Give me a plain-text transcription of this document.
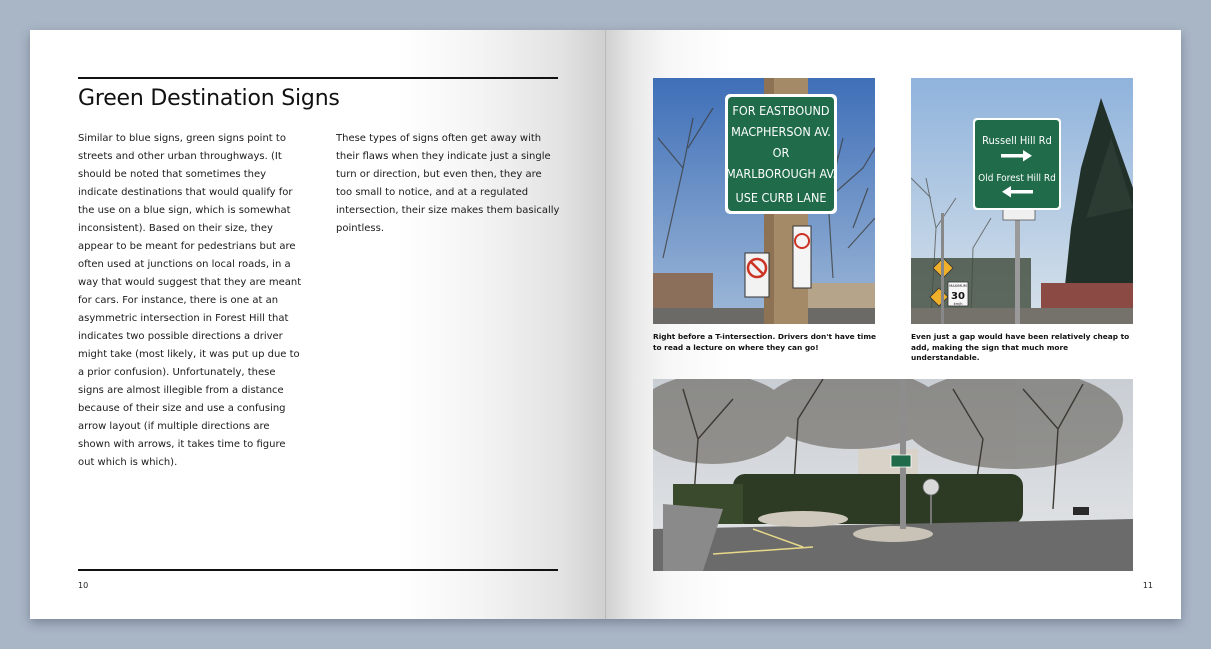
Green Destination Signs
Similar to blue signs, green signs point to streets and other urban throughways. (It should be noted that sometimes they indicate destinations that would qualify for the use on a blue sign, which is somewhat inconsistent). Based on their size, they appear to be meant for pedestrians but are often used at junctions on local roads, in a way that would suggest that they are meant for cars. For instance, there is one at an asymmetric intersection in Forest Hill that indicates two possible directions a driver might take (most likely, it was put up due to a prior confusion). Unfortunately, these signs are almost illegible from a distance because of their size and use a confusing arrow layout (if multiple directions are shown with arrows, it takes time to figure out which is which).
These types of signs often get away with their flaws when they indicate just a single turn or direction, but even then, they are too small to notice, and at a regulated intersection, their size makes them basically pointless.
10
FOR EASTBOUND
MACPHERSON AV.
OR
MARLBOROUGH AV.
USE CURB LANE
Right before a T-intersection. Drivers don't have time to read a lecture on where they can go!
MAXIMUM
30
km/h
Russell Hill Rd
Old Forest Hill Rd
Even just a gap would have been relatively cheap to add, making the sign that much more understandable.
11
